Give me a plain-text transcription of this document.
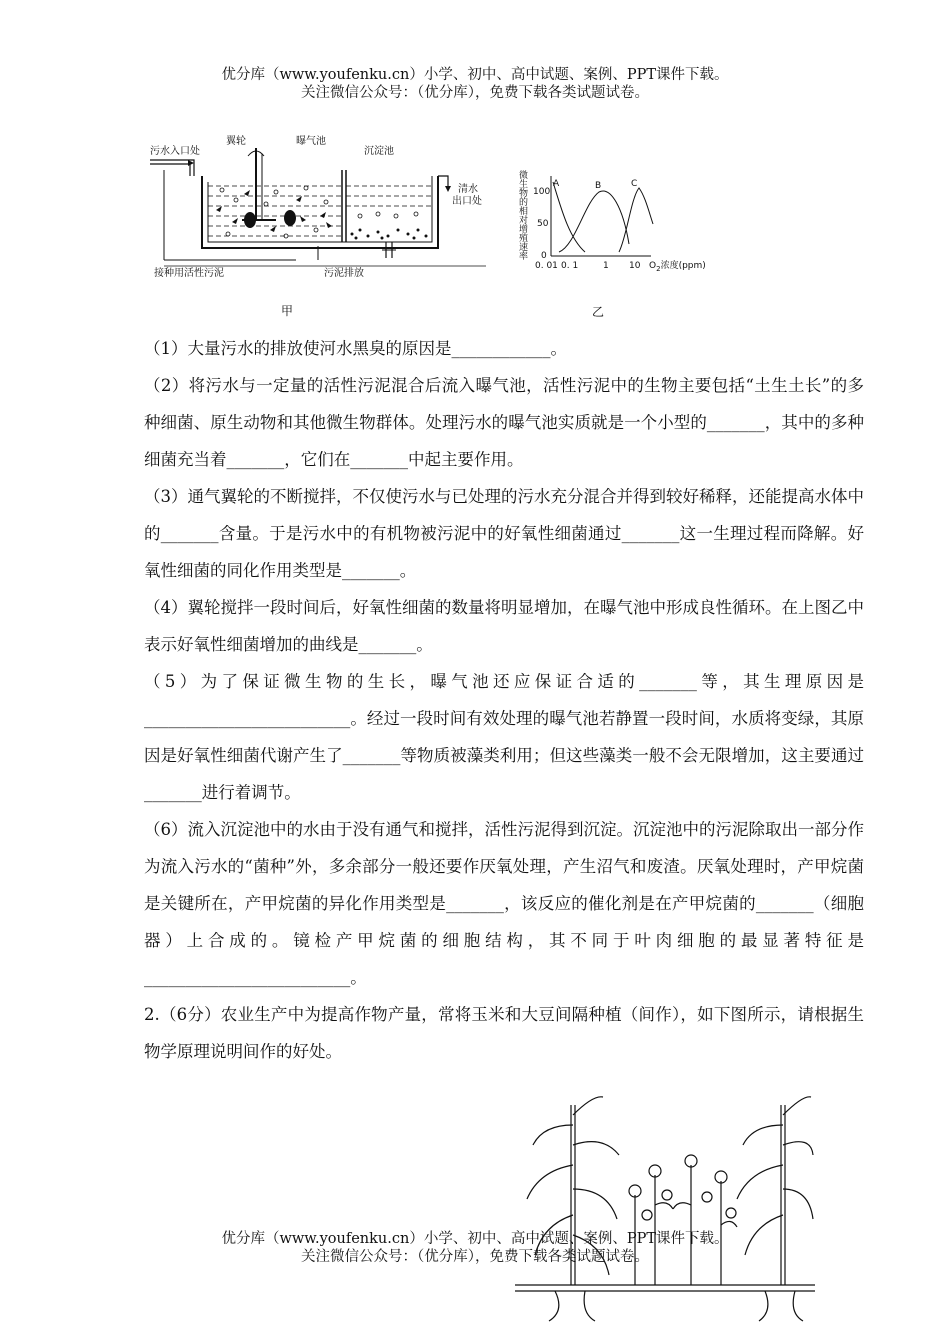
优分库（www.youfenku.cn）小学、初中、高中试题、案例、PPT课件下载。
关注微信公众号：（优分库），免费下载各类试题试卷。
污水入口处
翼轮	曝气池
沉淀池
清水
出口处
接种用活性污泥	污泥排放
甲
微
生
物
的
相
对
增
殖
速
率
100
50
0
0. 01 0. 1	1 10 $O_2$浓度(ppm)
A	B	C
乙

（1）大量污水的排放使河水黑臭的原因是____________。

（2）将污水与一定量的活性污泥混合后流入曝气池，活性污泥中的生物主要包括“土生土长”的多种细菌、原生动物和其他微生物群体。处理污水的曝气池实质就是一个小型的_______，其中的多种细菌充当着_______，它们在_______中起主要作用。

（3）通气翼轮的不断搅拌，不仅使污水与已处理的污水充分混合并得到较好稀释，还能提高水体中的_______含量。于是污水中的有机物被污泥中的好氧性细菌通过_______这一生理过程而降解。好氧性细菌的同化作用类型是_______。

（4）翼轮搅拌一段时间后，好氧性细菌的数量将明显增加，在曝气池中形成良性循环。在上图乙中表示好氧性细菌增加的曲线是_______。

（5）为了保证微生物的生长，曝气池还应保证合适的_______等，其生理原因是_________________________。经过一段时间有效处理的曝气池若静置一段时间，水质将变绿，其原因是好氧性细菌代谢产生了_______等物质被藻类利用；但这些藻类一般不会无限增加，这主要通过_______进行着调节。

（6）流入沉淀池中的水由于没有通气和搅拌，活性污泥得到沉淀。沉淀池中的污泥除取出一部分作为流入污水的“菌种”外，多余部分一般还要作厌氧处理，产生沼气和废渣。厌氧处理时，产甲烷菌是关键所在，产甲烷菌的异化作用类型是_______，该反应的催化剂是在产甲烷菌的_______（细胞器）上合成的。镜检产甲烷菌的细胞结构，其不同于叶肉细胞的最显著特征是_________________________。

2.（6分）农业生产中为提高作物产量，常将玉米和大豆间隔种植（间作），如下图所示，请根据生物学原理说明间作的好处。

优分库（www.youfenku.cn）小学、初中、高中试题、案例、PPT课件下载。
关注微信公众号：（优分库），免费下载各类试题试卷。
